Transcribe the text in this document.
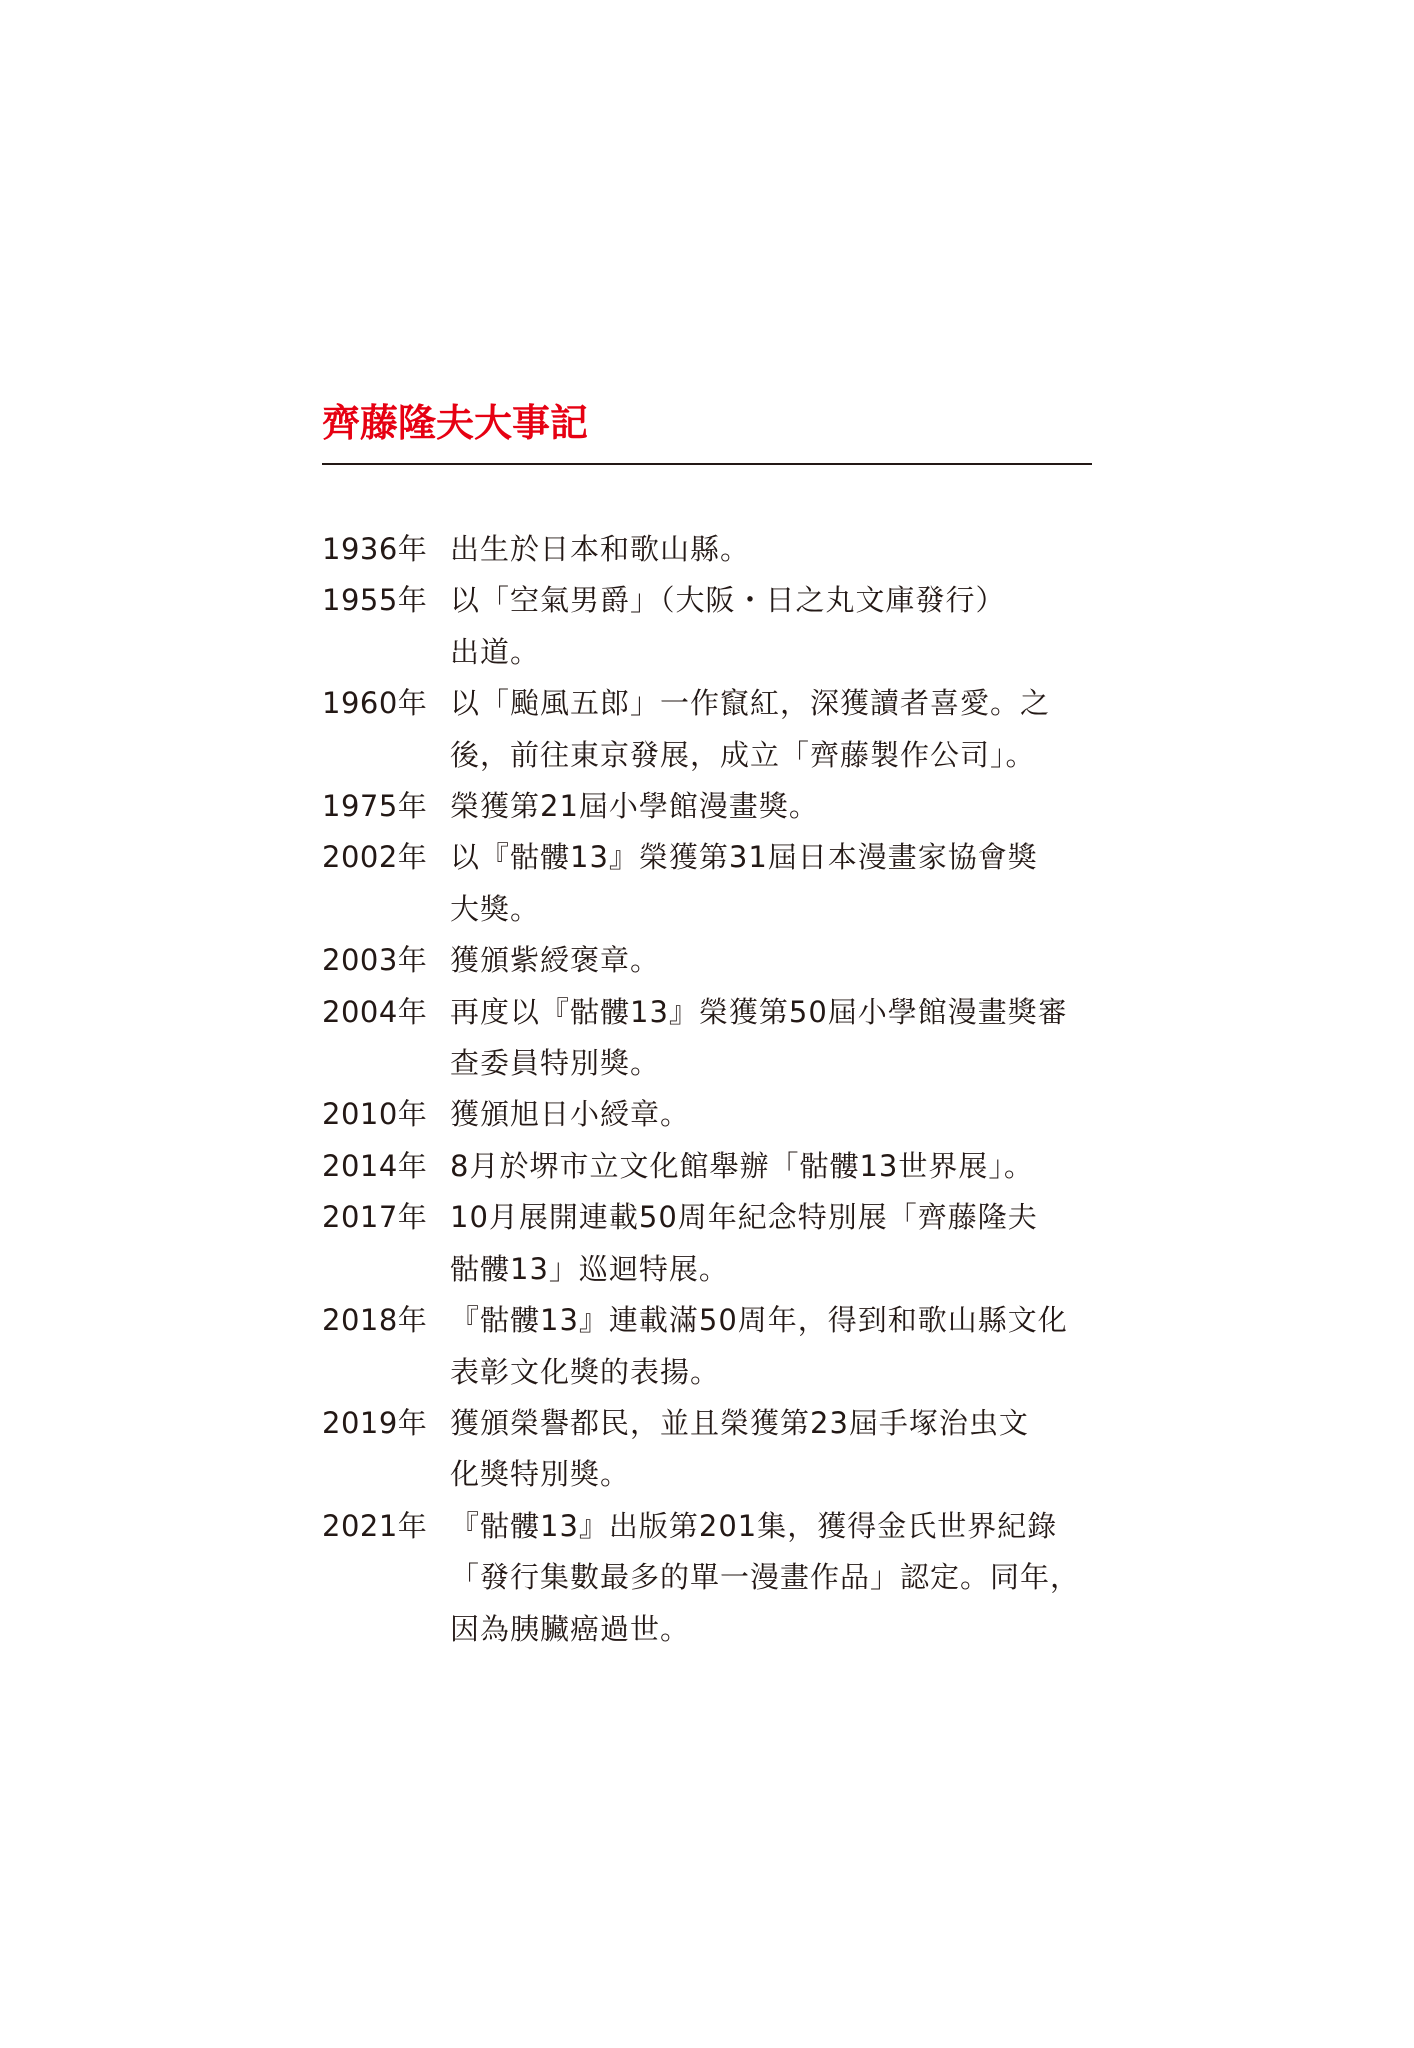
齊藤隆夫大事記
1936年 出生於日本和歌山縣。
1955年 以「空氣男爵」（大阪・日之丸文庫發行）
出道。
1960年 以「颱風五郎」一作竄紅，深獲讀者喜愛。之
後，前往東京發展，成立「齊藤製作公司」。
1975年 榮獲第21屆小學館漫畫獎。
2002年 以『骷髏13』榮獲第31屆日本漫畫家協會獎
大獎。
2003年 獲頒紫綬褒章。
2004年 再度以『骷髏13』榮獲第50屆小學館漫畫獎審
查委員特別獎。
2010年 獲頒旭日小綬章。
2014年 8月於堺市立文化館舉辦「骷髏13世界展」。
2017年 10月展開連載50周年紀念特別展「齊藤隆夫
骷髏13」巡迴特展。
2018年 『骷髏13』連載滿50周年，得到和歌山縣文化
表彰文化獎的表揚。
2019年 獲頒榮譽都民，並且榮獲第23屆手塚治虫文
化獎特別獎。
2021年 『骷髏13』出版第201集，獲得金氏世界紀錄
「發行集數最多的單一漫畫作品」認定。同年，
因為胰臟癌過世。
